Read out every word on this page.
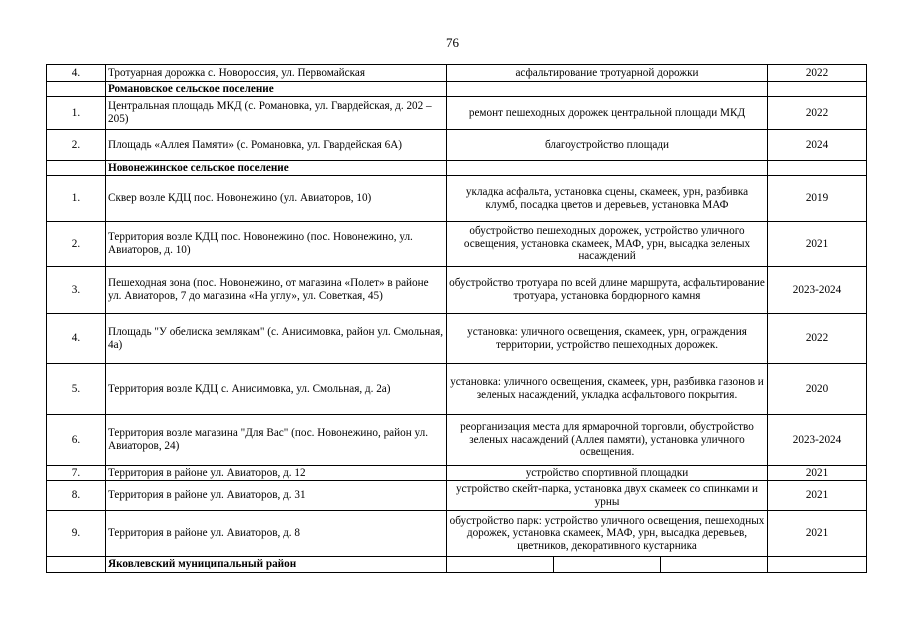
76
4.	Тротуарная дорожка с. Новороссия, ул. Первомайская	асфальтирование тротуарной дорожки	2022
	Романовское сельское поселение		
1.	Центральная площадь МКД (с. Романовка, ул. Гвардейская, д. 202 – 205)	ремонт пешеходных дорожек центральной площади МКД	2022
2.	Площадь «Аллея Памяти» (с. Романовка, ул. Гвардейская 6А)	благоустройство площади	2024
	Новонежинское сельское поселение		
1.	Сквер возле КДЦ пос. Новонежино (ул. Авиаторов, 10)	укладка асфальта, установка сцены, скамеек, урн, разбивка клумб, посадка цветов и деревьев, установка МАФ	2019
2.	Территория возле КДЦ пос. Новонежино (пос. Новонежино, ул. Авиаторов, д. 10)	обустройство пешеходных дорожек, устройство уличного освещения, установка скамеек, МАФ, урн, высадка зеленых насаждений	2021
3.	Пешеходная зона (пос. Новонежино, от магазина «Полет» в районе ул. Авиаторов, 7 до магазина «На углу», ул. Советкая, 45)	обустройство тротуара по всей длине маршрута, асфальтирование тротуара, установка бордюрного камня	2023-2024
4.	Площадь "У обелиска землякам" (с. Анисимовка, район ул. Смольная, 4а)	установка: уличного освещения, скамеек, урн, ограждения территории, устройство пешеходных дорожек.	2022
5.	Территория возле КДЦ с. Анисимовка, ул. Смольная, д. 2а)	установка: уличного освещения, скамеек, урн, разбивка газонов и зеленых насаждений, укладка асфальтового покрытия.	2020
6.	Территория возле магазина "Для Вас" (пос. Новонежино, район ул. Авиаторов, 24)	реорганизация места для ярмарочной торговли, обустройство зеленых насаждений (Аллея памяти), установка уличного освещения.	2023-2024
7.	Территория в районе ул. Авиаторов, д. 12	устройство спортивной площадки	2021
8.	Территория в районе ул. Авиаторов, д. 31	устройство скейт-парка, установка двух скамеек со спинками и урны	2021
9.	Территория в районе ул. Авиаторов, д. 8	обустройство парк: устройство уличного освещения, пешеходных дорожек, установка скамеек, МАФ, урн, высадка деревьев, цветников, декоративного кустарника	2021
	Яковлевский муниципальный район	
